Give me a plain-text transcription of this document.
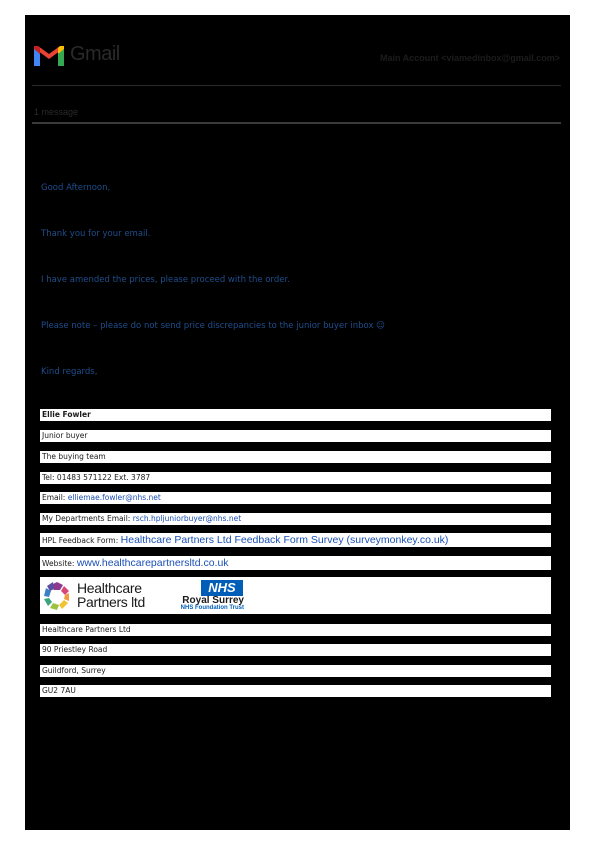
Gmail	Main Account <viamedinbox@gmail.com>
1 message
Good Afternoon,
Thank you for your email.
I have amended the prices, please proceed with the order.
Please note – please do not send price discrepancies to the junior buyer inbox ☺
Kind regards,
Ellie Fowler
Junior buyer
The buying team
Tel: 01483 571122 Ext. 3787
Email: elliemae.fowler@nhs.net
My Departments Email: rsch.hpljuniorbuyer@nhs.net
HPL Feedback Form: Healthcare Partners Ltd Feedback Form Survey (surveymonkey.co.uk)
Website: www.healthcarepartnersltd.co.uk
Healthcare
Partners ltd
NHS
Royal Surrey
NHS Foundation Trust
Healthcare Partners Ltd
90 Priestley Road
Guildford, Surrey
GU2 7AU
